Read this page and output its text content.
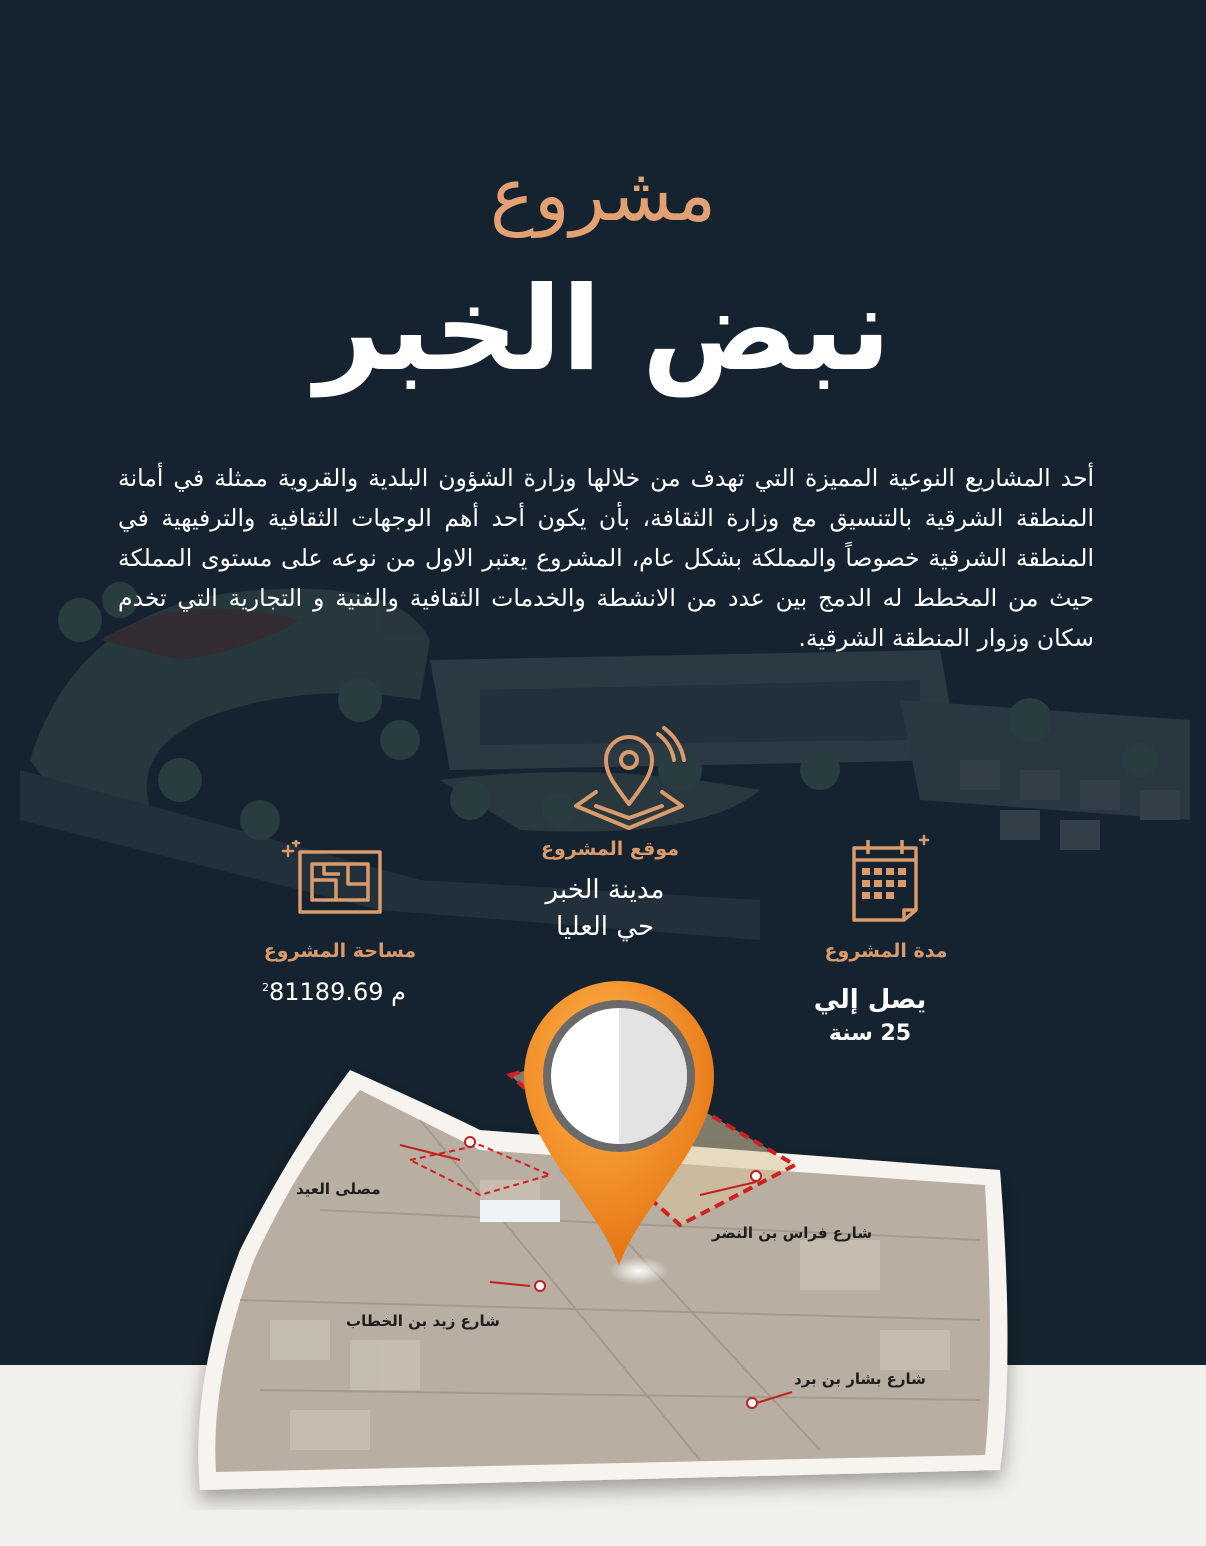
مشروع
نبض الخبر
أحد المشاريع النوعية المميزة التي تهدف من خلالها وزارة الشؤون البلدية والقروية ممثلة في أمانة المنطقة الشرقية بالتنسيق مع وزارة الثقافة، بأن يكون أحد أهم الوجهات الثقافية والترفيهية في المنطقة الشرقية خصوصاً والمملكة بشكل عام، المشروع يعتبر الاول من نوعه على مستوى المملكة حيث من المخطط له الدمج بين عدد من الانشطة والخدمات الثقافية والفنية و التجارية التي تخدم سكان وزوار المنطقة الشرقية.
موقع المشروع
مدينة الخبر
حي العليا
مساحة المشروع
$^2$	م 81189.69
مدة المشروع
يصل إلي
25 سنة
مصلى العيد
شارع فراس بن النضر
شارع زيد بن الخطاب
شارع بشار بن برد
